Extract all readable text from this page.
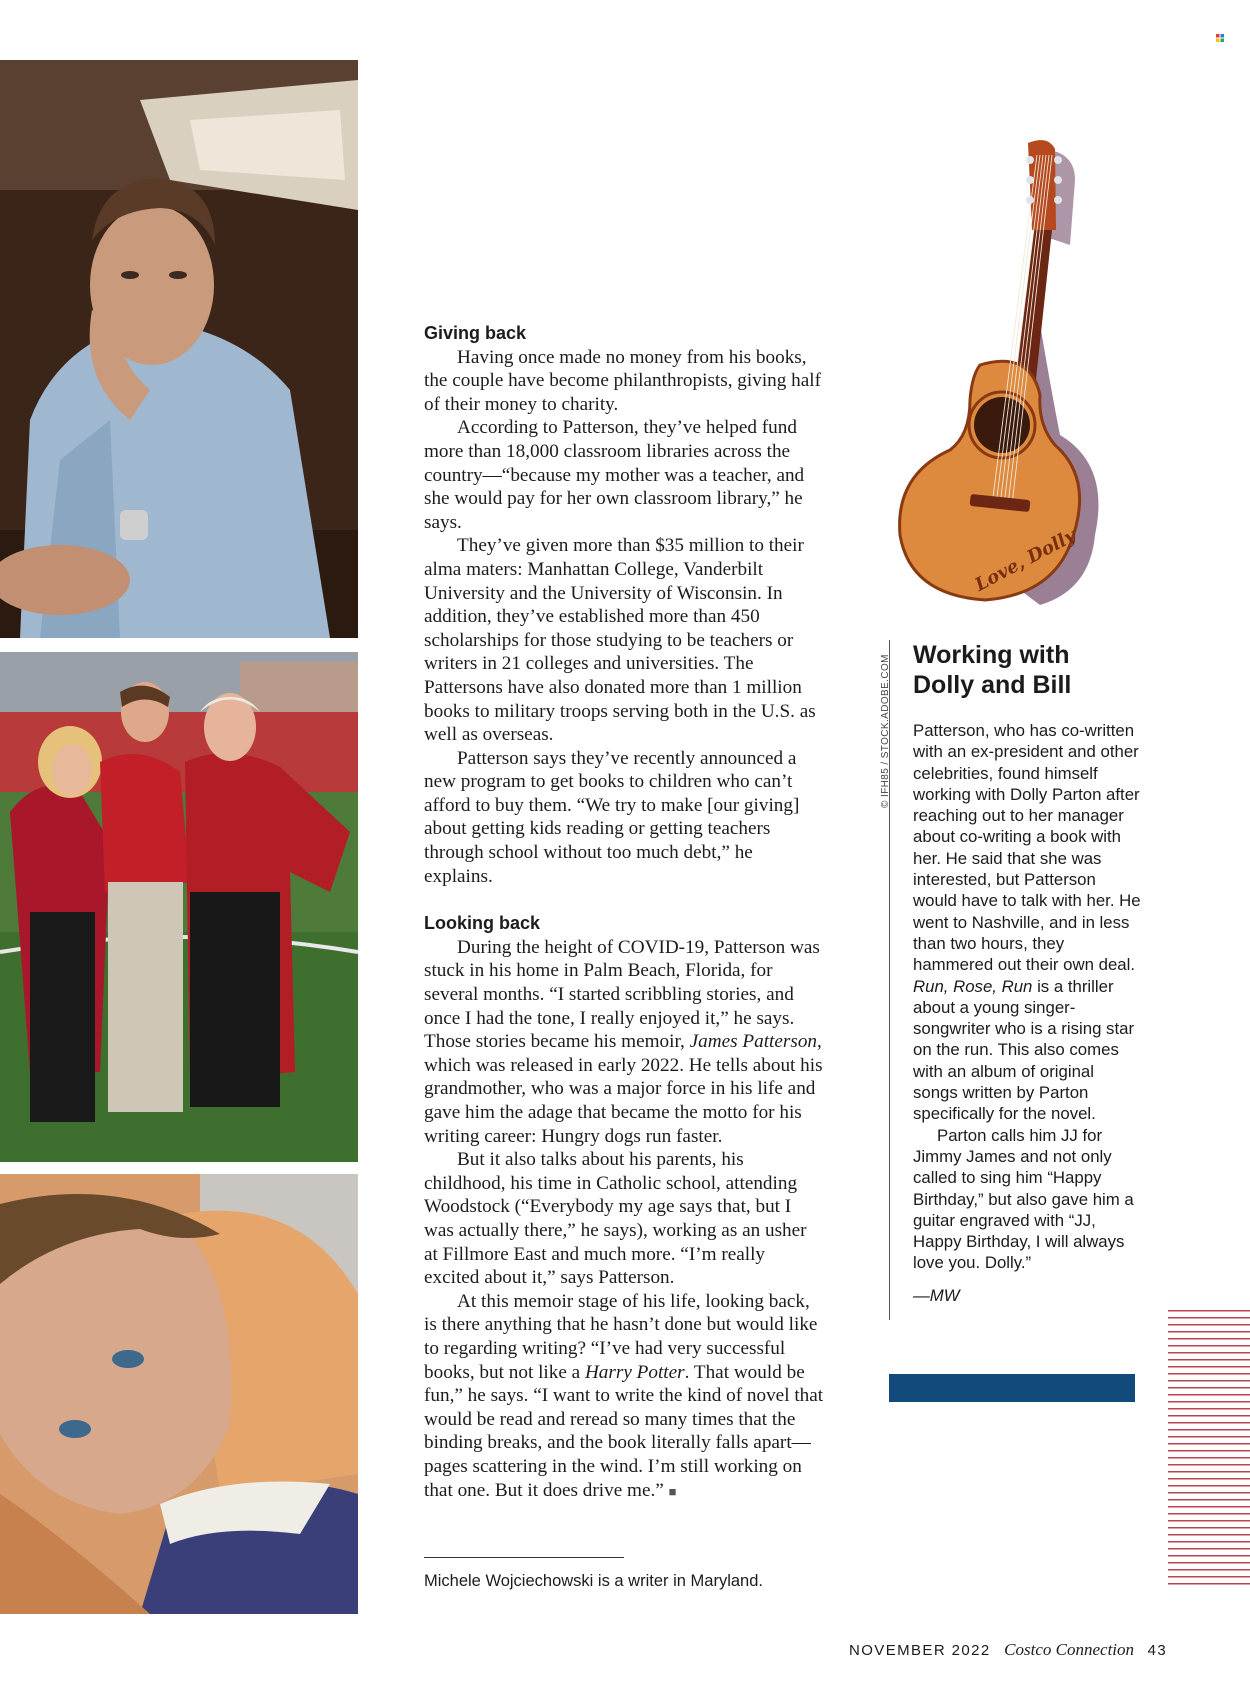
Giving back

Having once made no money from his books, the couple have become philanthropists, giving half of their money to charity.

According to Patterson, they’ve helped fund more than 18,000 classroom libraries across the country—“because my mother was a teacher, and she would pay for her own classroom library,” he says.

They’ve given more than $35 million to their alma maters: Manhattan College, Vanderbilt University and the University of Wisconsin. In addition, they’ve established more than 450 scholarships for those studying to be teachers or writers in 21 colleges and universities. The Pattersons have also donated more than 1 million books to military troops serving both in the U.S. as well as overseas.

Patterson says they’ve recently announced a new program to get books to children who can’t afford to buy them. “We try to make [our giving] about getting kids reading or getting teachers through school without too much debt,” he explains.

Looking back

During the height of COVID-19, Patterson was stuck in his home in Palm Beach, Florida, for several months. “I started scribbling stories, and once I had the tone, I really enjoyed it,” he says. Those stories became his memoir, James Patterson, which was released in early 2022. He tells about his grandmother, who was a major force in his life and gave him the adage that became the motto for his writing career: Hungry dogs run faster.

But it also talks about his parents, his childhood, his time in Catholic school, attending Woodstock (“Everybody my age says that, but I was actually there,” he says), working as an usher at Fillmore East and much more. “I’m really excited about it,” says Patterson.

At this memoir stage of his life, looking back, is there anything that he hasn’t done but would like to regarding writing? “I’ve had very successful books, but not like a Harry Potter. That would be fun,” he says. “I want to write the kind of novel that would be read and reread so many times that the binding breaks, and the book literally falls apart—pages scattering in the wind. I’m still working on that one. But it does drive me.” ■

Michele Wojciechowski is a writer in Maryland.
Love, Dolly
© IFH85 / STOCK.ADOBE.COM Working with
Dolly and Bill

Patterson, who has co-written with an ex-president and other celebrities, found himself working with Dolly Parton after reaching out to her manager about co-writing a book with her. He said that she was interested, but Patterson would have to talk with her. He went to Nashville, and in less than two hours, they hammered out their own deal. Run, Rose, Run is a thriller about a young singer-songwriter who is a rising star on the run. This also comes with an album of original songs written by Parton specifically for the novel.

Parton calls him JJ for Jimmy James and not only called to sing him “Happy Birthday,” but also gave him a guitar engraved with “JJ, Happy Birthday, I will always love you. Dolly.”

—MW
NOVEMBER 2022 Costco Connection 43
